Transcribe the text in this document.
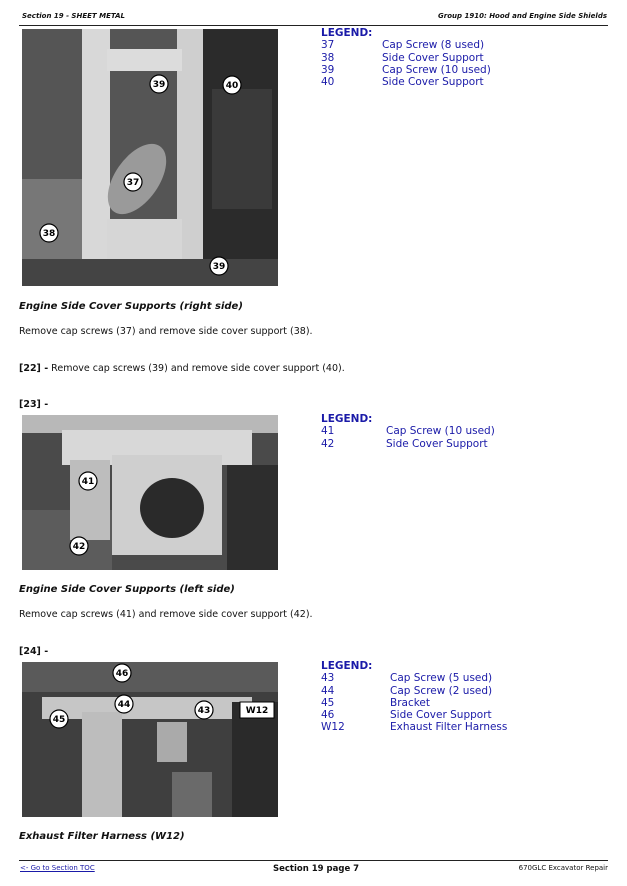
Section 19 - SHEET METAL	Group 1910: Hood and Engine Side Shields
39	40
37
38
39
LEGEND:
37	Cap Screw (8 used)
38	Side Cover Support
39	Cap Screw (10 used)
40	Side Cover Support
Engine Side Cover Supports (right side)
Remove cap screws (37) and remove side cover support (38).
[22] - Remove cap screws (39) and remove side cover support (40).
[23] -
41
42
LEGEND:
41	Cap Screw (10 used)
42	Side Cover Support
Engine Side Cover Supports (left side)
Remove cap screws (41) and remove side cover support (42).
[24] -
W12
46
44
43
45
LEGEND:
43	Cap Screw (5 used)
44	Cap Screw (2 used)
45	Bracket
46	Side Cover Support
W12	Exhaust Filter Harness
Exhaust Filter Harness (W12)
<- Go to Section TOC	Section 19 page 7	670GLC Excavator Repair
